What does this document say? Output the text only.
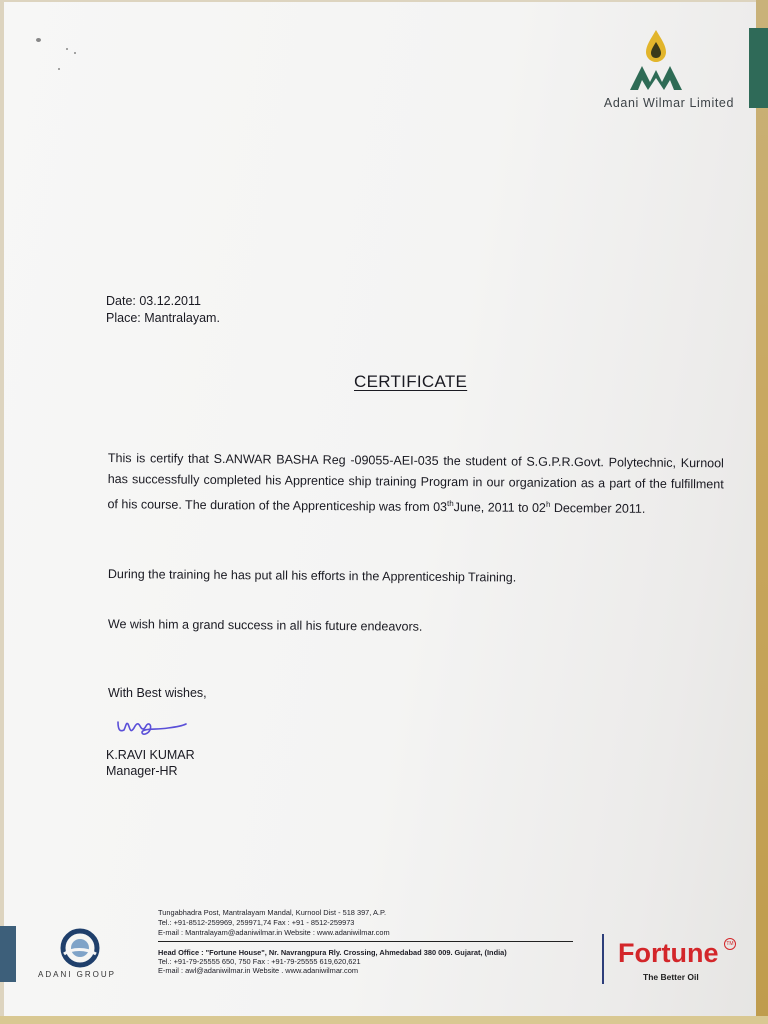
Adani Wilmar Limited
Date: 03.12.2011
Place: Mantralayam.
CERTIFICATE
This is certify that S.ANWAR BASHA Reg -09055-AEI-035 the student of S.G.P.R.Govt. Polytechnic, Kurnool has successfully completed his Apprentice ship training Program in our organization as a part of the fulfillment of his course. The duration of the Apprenticeship was from 03thJune, 2011 to 02$^h$ December 2011.
During the training he has put all his efforts in the Apprenticeship Training.
We wish him a grand success in all his future endeavors.
With Best wishes,
K.RAVI KUMAR
Manager-HR
Tungabhadra Post, Mantralayam Mandal, Kurnool Dist - 518 397, A.P.
Tel.: +91-8512-259969, 259971,74 Fax : +91 - 8512-259973
E-mail : Mantralayam@adaniwilmar.in Website : www.adaniwilmar.com
Head Office : "Fortune House", Nr. Navrangpura Rly. Crossing, Ahmedabad 380 009. Gujarat, (India)
Tel.: +91-79-25555 650, 750 Fax : +91-79-25555 619,620,621
E-mail : awl@adaniwilmar.in Website . www.adaniwilmar.com
ADANI GROUP
Fortune	TM
The Better Oil
